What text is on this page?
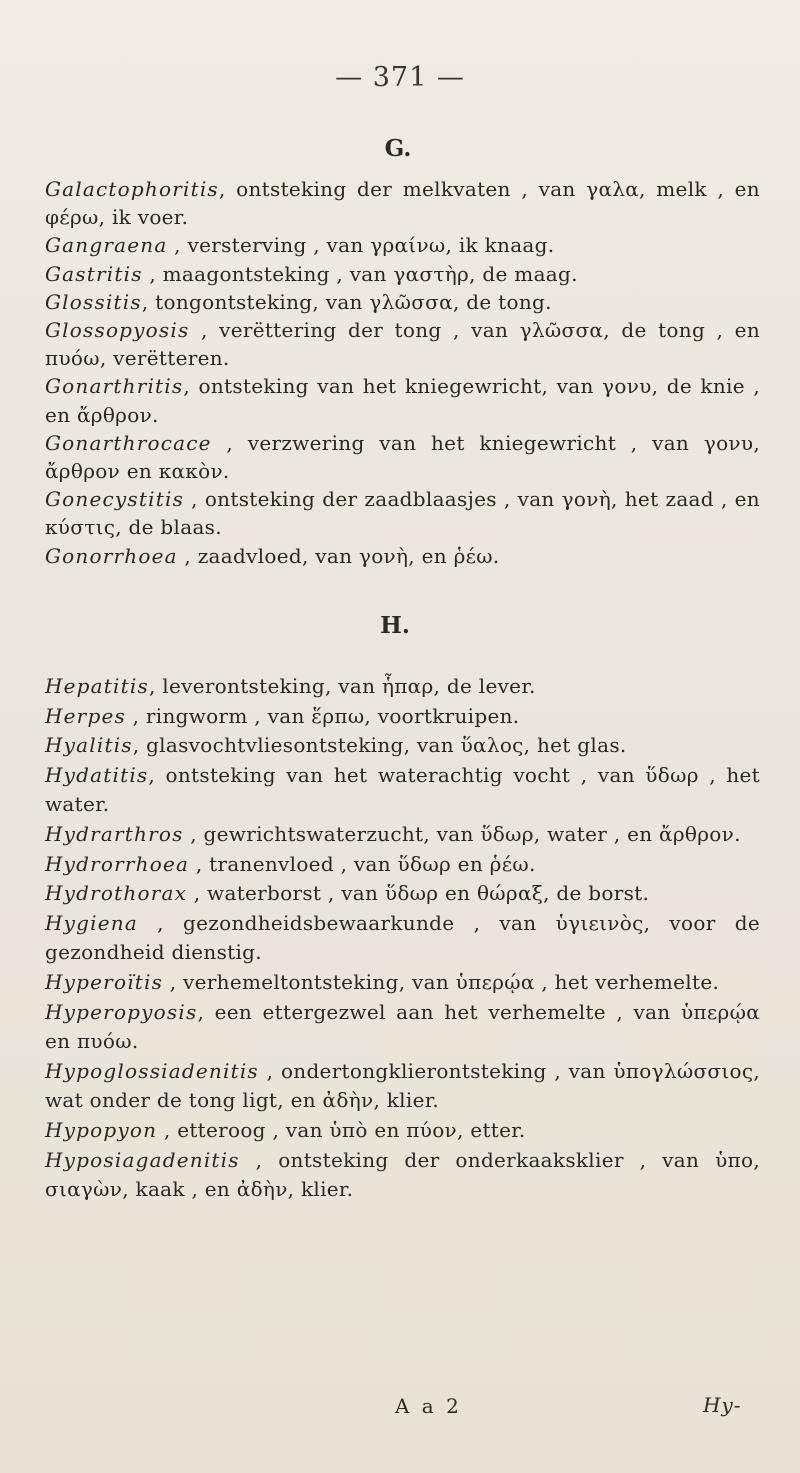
— 371 —
G.
Galactophoritis, ontsteking der melkvaten , van γαλα, melk , en φέρω, ik voer.
Gangraena , versterving , van γραίνω, ik knaag.
Gastritis , maagontsteking , van γαστὴρ, de maag.
Glossitis, tongontsteking, van γλῶσσα, de tong.
Glossopyosis , verëttering der tong , van γλῶσσα, de tong , en πυόω, verëtteren.
Gonarthritis, ontsteking van het kniegewricht, van γονυ, de knie , en ἄρθρον.
Gonarthrocace , verzwering van het kniegewricht , van γονυ, ἄρθρον en κακὸν.
Gonecystitis , ontsteking der zaadblaasjes , van γονὴ, het zaad , en κύστις, de blaas.
Gonorrhoea , zaadvloed, van γονὴ, en ῥέω.
H.
Hepatitis, leverontsteking, van ἧπαρ, de lever.
Herpes , ringworm , van ἕρπω, voortkruipen.
Hyalitis, glasvochtvliesontsteking, van ὕαλος, het glas.
Hydatitis, ontsteking van het waterachtig vocht , van ὕδωρ , het water.
Hydrarthros , gewrichtswaterzucht, van ὕδωρ, water , en ἄρθρον.
Hydrorrhoea , tranenvloed , van ὕδωρ en ῥέω.
Hydrothorax , waterborst , van ὕδωρ en θώραξ, de borst.
Hygiena , gezondheidsbewaarkunde , van ὑγιεινὸς, voor de gezondheid dienstig.
Hyperoïtis , verhemeltontsteking, van ὑπερῴα , het verhemelte.
Hyperopyosis, een ettergezwel aan het verhemelte , van ὑπερῴα en πυόω.
Hypoglossiadenitis , ondertongklierontsteking , van ὑπογλώσσιος, wat onder de tong ligt, en ἀδὴν, klier.
Hypopyon , etteroog , van ὑπὸ en πύον, etter.
Hyposiagadenitis , ontsteking der onderkaaksklier , van ὑπο, σιαγὼν, kaak , en ἀδὴν, klier.
A a 2	Hy-
